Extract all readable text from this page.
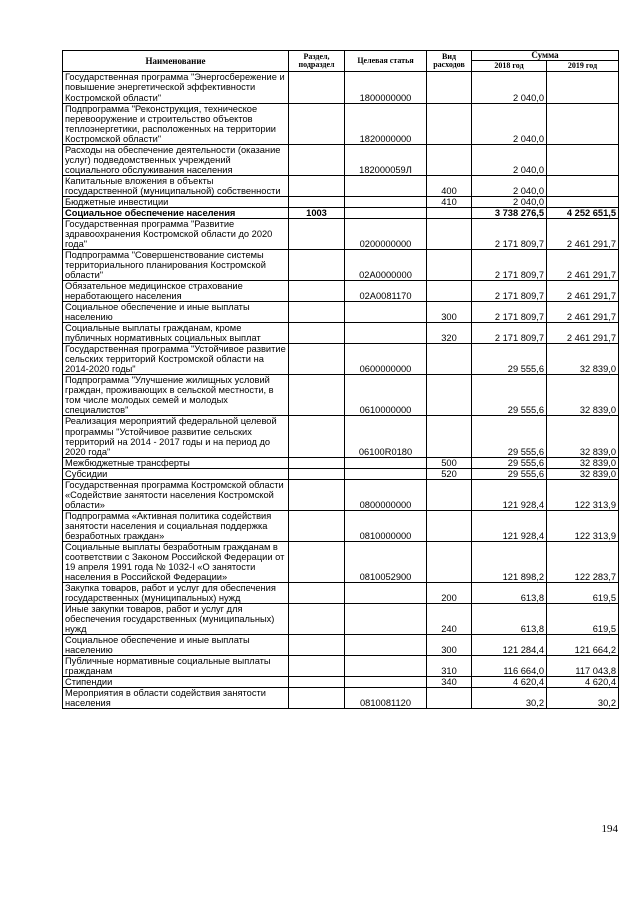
Наименование	Раздел, подраздел	Целевая статья	Вид расходов	Сумма	
				2018 год	2019 год
Государственная программа "Энергосбережение и повышение энергетической эффективности Костромской области"		1800000000		2 040,0	
Подпрограмма "Реконструкция, техническое перевооружение и строительство объектов теплоэнергетики, расположенных на территории Костромской области"		1820000000		2 040,0	
Расходы на обеспечение деятельности (оказание услуг) подведомственных учреждений социального обслуживания населения		182000059Л		2 040,0	
Капитальные вложения в объекты государственной (муниципальной) собственности			400	2 040,0	
Бюджетные инвестиции			410	2 040,0	
Социальное обеспечение населения	1003			3 738 276,5	4 252 651,5
Государственная программа "Развитие здравоохранения Костромской области до 2020 года"		0200000000		2 171 809,7	2 461 291,7
Подпрограмма "Совершенствование системы территориального планирования Костромской области"		02А0000000		2 171 809,7	2 461 291,7
Обязательное медицинское страхование неработающего населения		02А0081170		2 171 809,7	2 461 291,7
Социальное обеспечение и иные выплаты населению			300	2 171 809,7	2 461 291,7
Социальные выплаты гражданам, кроме публичных нормативных социальных выплат			320	2 171 809,7	2 461 291,7
Государственная программа "Устойчивое развитие сельских территорий Костромской области на 2014-2020 годы"		0600000000		29 555,6	32 839,0
Подпрограмма "Улучшение жилищных условий граждан, проживающих в сельской местности, в том числе молодых семей и молодых специалистов"		0610000000		29 555,6	32 839,0
Реализация мероприятий федеральной целевой программы "Устойчивое развитие сельских территорий на 2014 - 2017 годы и на период до 2020 года"		06100R0180		29 555,6	32 839,0
Межбюджетные трансферты			500	29 555,6	32 839,0
Субсидии			520	29 555,6	32 839,0
Государственная программа Костромской области «Содействие занятости населения Костромской области»		0800000000		121 928,4	122 313,9
Подпрограмма «Активная политика содействия занятости населения и социальная поддержка безработных граждан»		0810000000		121 928,4	122 313,9
Социальные выплаты безработным гражданам в соответствии с Законом Российской Федерации от 19 апреля 1991 года № 1032-I «О занятости населения в Российской Федерации»		0810052900		121 898,2	122 283,7
Закупка товаров, работ и услуг для обеспечения государственных (муниципальных) нужд			200	613,8	619,5
Иные закупки товаров, работ и услуг для обеспечения государственных (муниципальных) нужд			240	613,8	619,5
Социальное обеспечение и иные выплаты населению			300	121 284,4	121 664,2
Публичные нормативные социальные выплаты гражданам			310	116 664,0	117 043,8
Стипендии			340	4 620,4	4 620,4
Мероприятия в области содействия занятости населения		0810081120		30,2	30,2
194
